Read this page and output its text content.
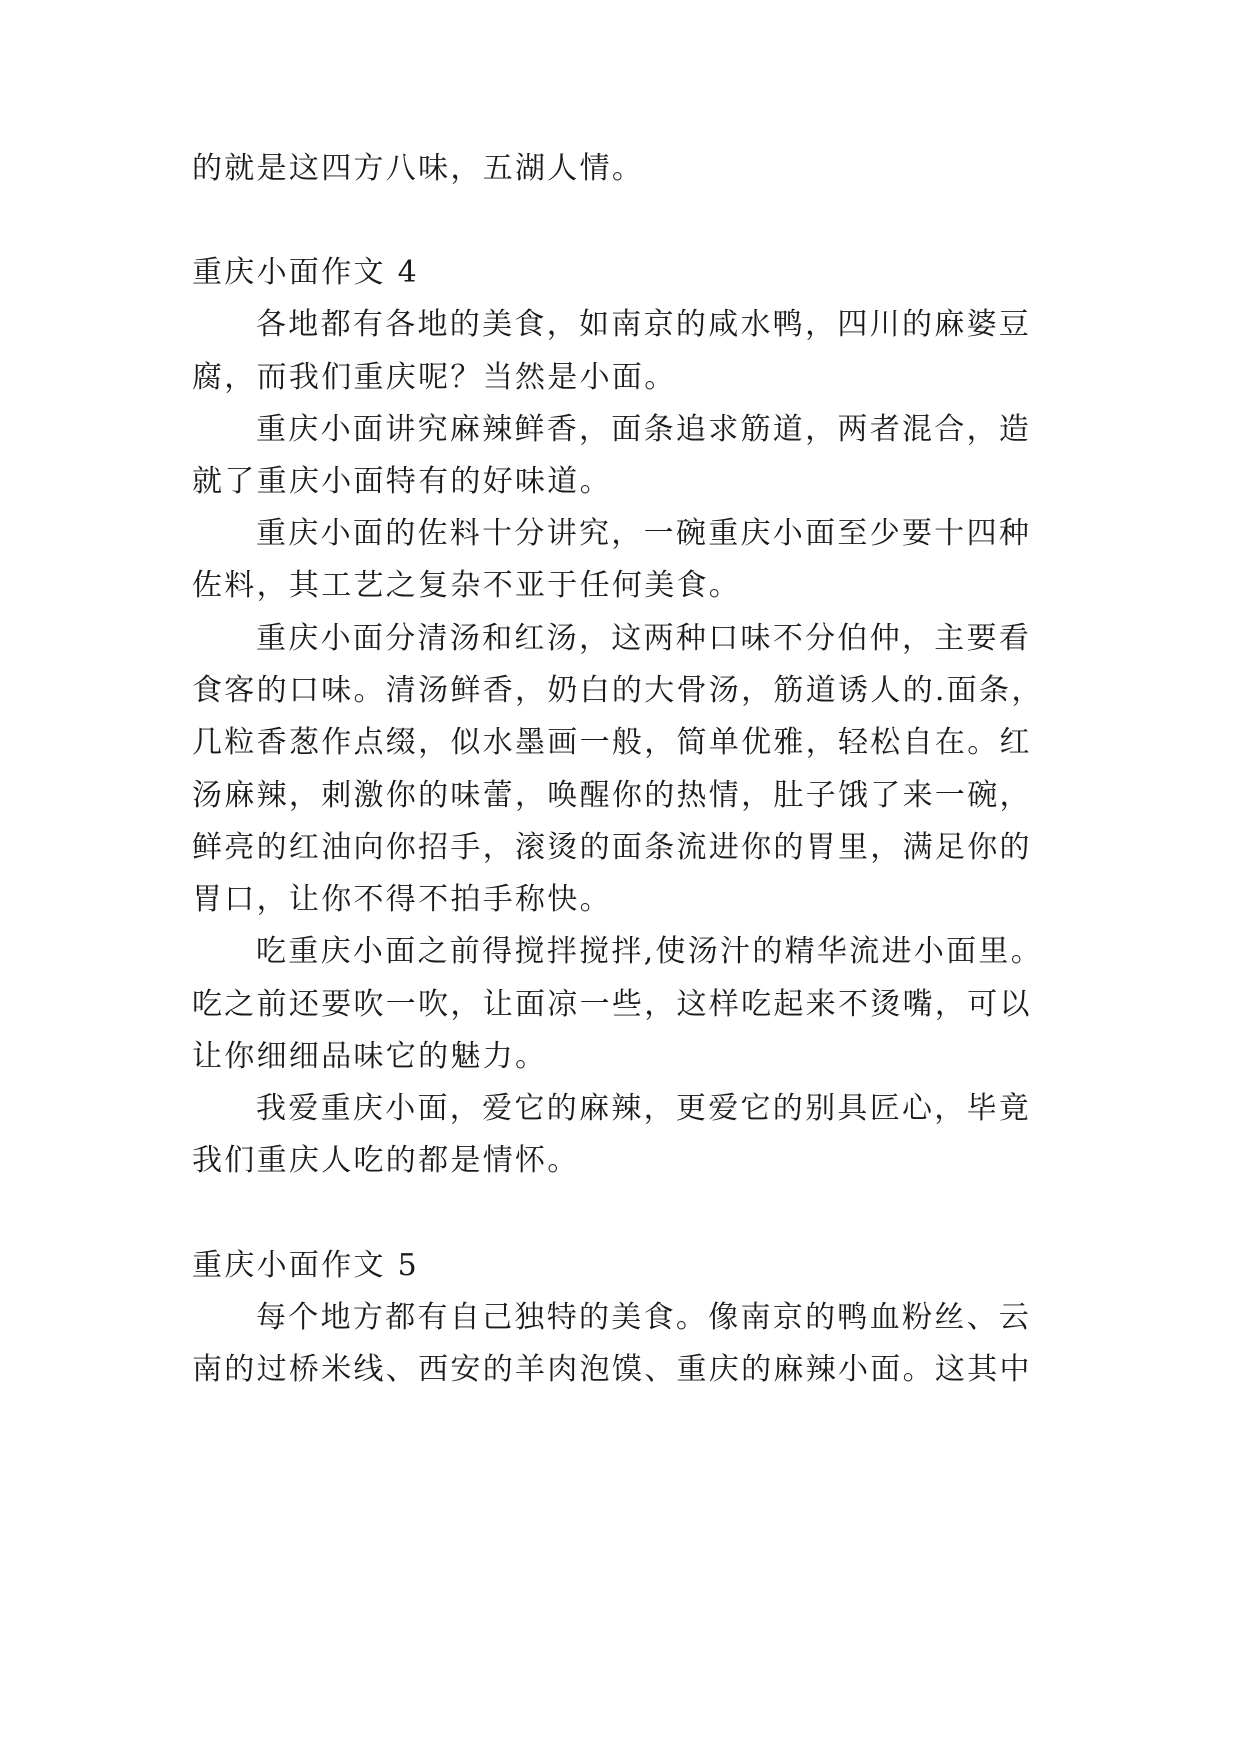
的就是这四方八味，五湖人情。
重庆小面作文 4
各地都有各地的美食，如南京的咸水鸭，四川的麻婆豆
腐，而我们重庆呢？当然是小面。
重庆小面讲究麻辣鲜香，面条追求筋道，两者混合，造
就了重庆小面特有的好味道。
重庆小面的佐料十分讲究，一碗重庆小面至少要十四种
佐料，其工艺之复杂不亚于任何美食。
重庆小面分清汤和红汤，这两种口味不分伯仲，主要看
食客的口味。清汤鲜香，奶白的大骨汤，筋道诱人的.面条，
几粒香葱作点缀，似水墨画一般，简单优雅，轻松自在。红
汤麻辣，刺激你的味蕾，唤醒你的热情，肚子饿了来一碗，
鲜亮的红油向你招手，滚烫的面条流进你的胃里，满足你的
胃口，让你不得不拍手称快。
吃重庆小面之前得搅拌搅拌,使汤汁的精华流进小面里。
吃之前还要吹一吹，让面凉一些，这样吃起来不烫嘴，可以
让你细细品味它的魅力。
我爱重庆小面，爱它的麻辣，更爱它的别具匠心，毕竟
我们重庆人吃的都是情怀。
重庆小面作文 5
每个地方都有自己独特的美食。像南京的鸭血粉丝、云
南的过桥米线、西安的羊肉泡馍、重庆的麻辣小面。这其中
